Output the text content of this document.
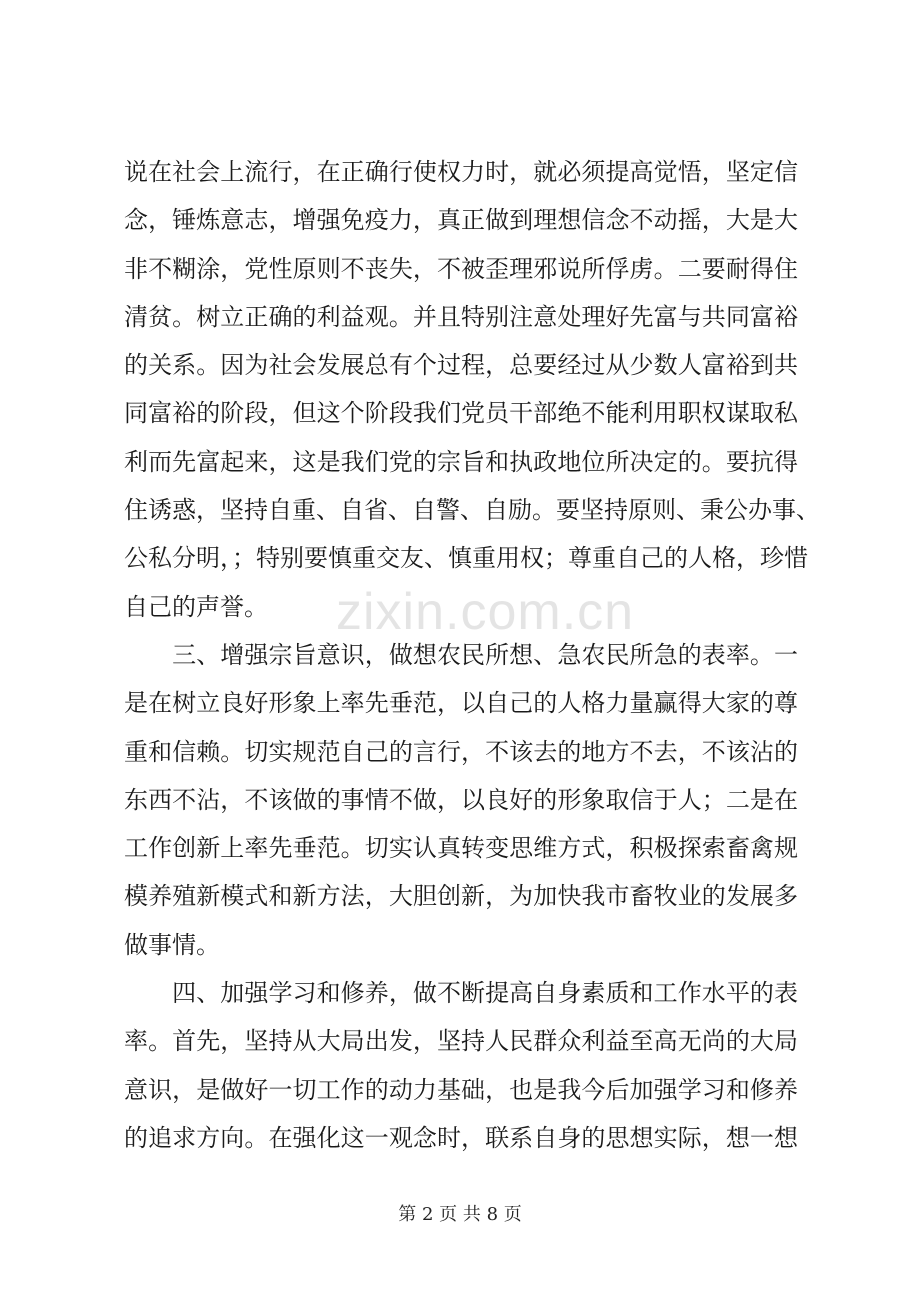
说在社会上流行，在正确行使权力时，就必须提高觉悟，坚定信
念，锤炼意志，增强免疫力，真正做到理想信念不动摇，大是大
非不糊涂，党性原则不丧失，不被歪理邪说所俘虏。二要耐得住
清贫。树立正确的利益观。并且特别注意处理好先富与共同富裕
的关系。因为社会发展总有个过程，总要经过从少数人富裕到共
同富裕的阶段，但这个阶段我们党员干部绝不能利用职权谋取私
利而先富起来，这是我们党的宗旨和执政地位所决定的。要抗得
住诱惑，坚持自重、自省、自警、自励。要坚持原则、秉公办事、
公私分明，；特别要慎重交友、慎重用权；尊重自己的人格，珍惜
自己的声誉。
　　三、增强宗旨意识，做想农民所想、急农民所急的表率。一
是在树立良好形象上率先垂范，以自己的人格力量赢得大家的尊
重和信赖。切实规范自己的言行，不该去的地方不去，不该沾的
东西不沾，不该做的事情不做，以良好的形象取信于人；二是在
工作创新上率先垂范。切实认真转变思维方式，积极探索畜禽规
模养殖新模式和新方法，大胆创新，为加快我市畜牧业的发展多
做事情。
　　四、加强学习和修养，做不断提高自身素质和工作水平的表
率。首先，坚持从大局出发，坚持人民群众利益至高无尚的大局
意识，是做好一切工作的动力基础，也是我今后加强学习和修养
的追求方向。在强化这一观念时，联系自身的思想实际，想一想
zixin.com.cn
第 2 页 共 8 页
